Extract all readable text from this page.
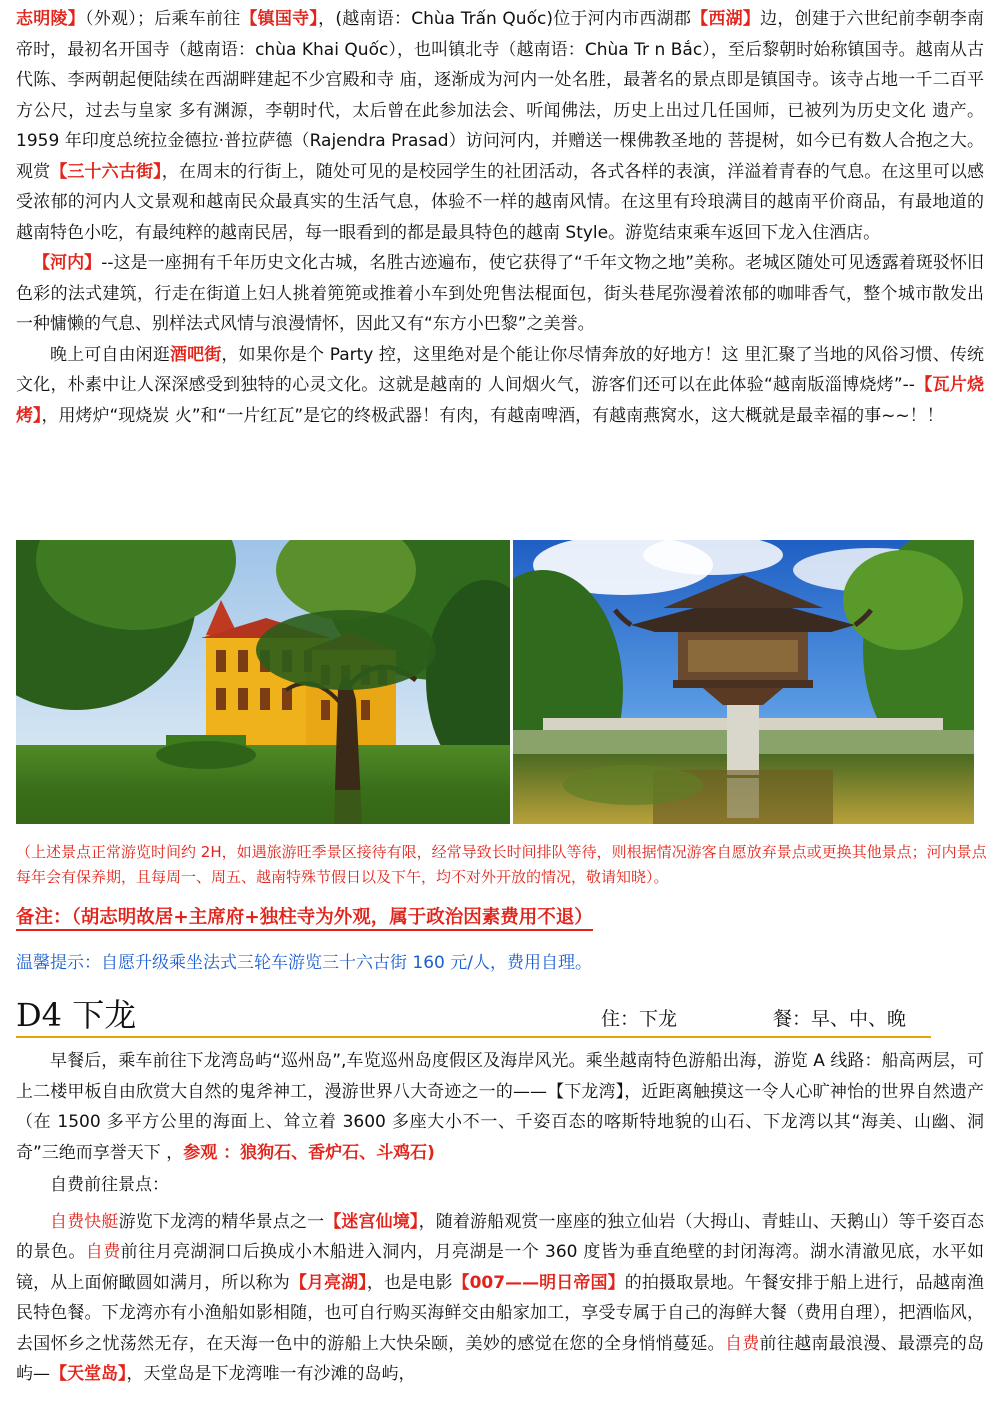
志明陵】（外观）；后乘车前往【镇国寺】，(越南语：Chùa Trấn Quốc)位于河内市西湖郡【西湖】边，创建于六世纪前李朝李南帝时，最初名开国寺（越南语：chùa Khai Quốc），也叫镇北寺（越南语：Chùa Tr n Bắc），至后黎朝时始称镇国寺。越南从古代陈、李两朝起便陆续在西湖畔建起不少宫殿和寺 庙，逐渐成为河内一处名胜，最著名的景点即是镇国寺。该寺占地一千二百平方公尺，过去与皇家 多有渊源，李朝时代，太后曾在此参加法会、听闻佛法，历史上出过几任国师，已被列为历史文化 遗产。1959 年印度总统拉金德拉·普拉萨德（Rajendra Prasad）访问河内，并赠送一棵佛教圣地的 菩提树，如今已有数人合抱之大。观赏【三十六古街】，在周末的行街上，随处可见的是校园学生的社团活动，各式各样的表演，洋溢着青春的气息。在这里可以感受浓郁的河内人文景观和越南民众最真实的生活气息，体验不一样的越南风情。在这里有玲琅满目的越南平价商品，有最地道的越南特色小吃，有最纯粹的越南民居，每一眼看到的都是最具特色的越南 Style。游览结束乘车返回下龙入住酒店。

【河内】--这是一座拥有千年历史文化古城，名胜古迹遍布，使它获得了“千年文物之地”美称。老城区随处可见透露着斑驳怀旧色彩的法式建筑，行走在街道上妇人挑着篼篼或推着小车到处兜售法棍面包，街头巷尾弥漫着浓郁的咖啡香气，整个城市散发出一种慵懒的气息、别样法式风情与浪漫情怀，因此又有“东方小巴黎”之美誉。

晚上可自由闲逛酒吧街，如果你是个 Party 控，这里绝对是个能让你尽情奔放的好地方！这 里汇聚了当地的风俗习惯、传统文化，朴素中让人深深感受到独特的心灵文化。这就是越南的 人间烟火气，游客们还可以在此体验“越南版淄博烧烤”--【瓦片烧烤】，用烤炉“现烧炭 火”和“一片红瓦”是它的终极武器！有肉，有越南啤酒，有越南燕窝水，这大概就是最幸福的事~~！！

（上述景点正常游览时间约 2H，如遇旅游旺季景区接待有限，经常导致长时间排队等待，则根据情况游客自愿放弃景点或更换其他景点；河内景点每年会有保养期，且每周一、周五、越南特殊节假日以及下午，均不对外开放的情况，敬请知晓）。
备注：（胡志明故居+主席府+独柱寺为外观，属于政治因素费用不退）
温馨提示：自愿升级乘坐法式三轮车游览三十六古街 160 元/人，费用自理。
D4 下龙	住：下龙	餐：早、中、晚

早餐后，乘车前往下龙湾岛屿“巡州岛”,车览巡州岛度假区及海岸风光。乘坐越南特色游船出海，游览 A 线路：船高两层，可上二楼甲板自由欣赏大自然的鬼斧神工，漫游世界八大奇迹之一的——【下龙湾】，近距离触摸这一令人心旷神怡的世界自然遗产（在 1500 多平方公里的海面上、耸立着 3600 多座大小不一、千姿百态的喀斯特地貌的山石、下龙湾以其“海美、山幽、洞奇”三绝而享誉天下 ，参观 ：狼狗石、香炉石、斗鸡石)

自费前往景点：

自费快艇游览下龙湾的精华景点之一【迷宫仙境】，随着游船观赏一座座的独立仙岩（大拇山、青蛙山、天鹅山）等千姿百态的景色。自费前往月亮湖洞口后换成小木船进入洞内，月亮湖是一个 360 度皆为垂直绝壁的封闭海湾。湖水清澈见底，水平如镜，从上面俯瞰圆如满月，所以称为【月亮湖】，也是电影【007——明日帝国】的拍摄取景地。午餐安排于船上进行，品越南渔民特色餐。下龙湾亦有小渔船如影相随，也可自行购买海鲜交由船家加工，享受专属于自己的海鲜大餐（费用自理），把酒临风，去国怀乡之忧荡然无存，在天海一色中的游船上大快朵颐，美妙的感觉在您的全身悄悄蔓延。自费前往越南最浪漫、最漂亮的岛屿—【天堂岛】，天堂岛是下龙湾唯一有沙滩的岛屿，
